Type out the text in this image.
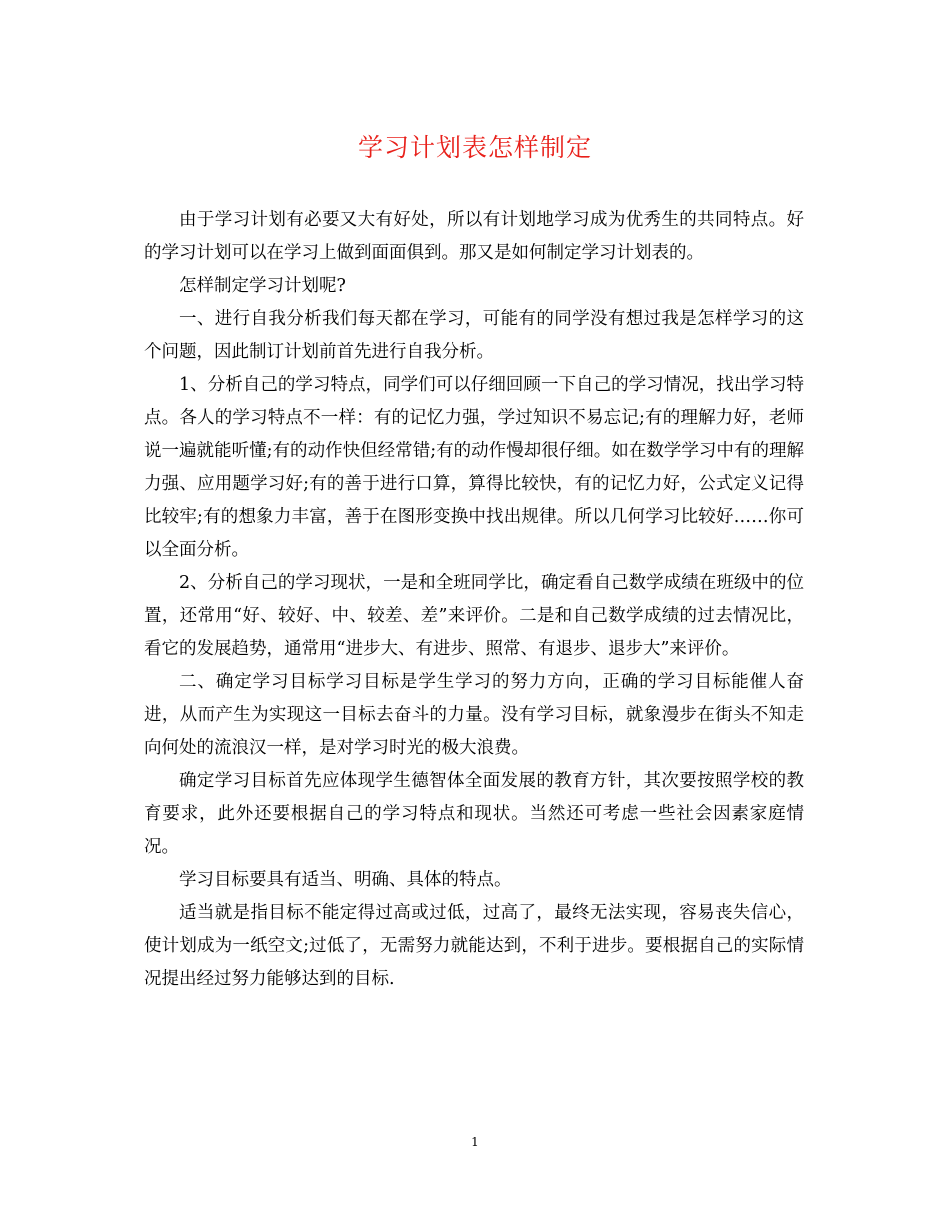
学习计划表怎样制定

由于学习计划有必要又大有好处，所以有计划地学习成为优秀生的共同特点。好的学习计划可以在学习上做到面面俱到。那又是如何制定学习计划表的。

怎样制定学习计划呢?

一、进行自我分析我们每天都在学习，可能有的同学没有想过我是怎样学习的这个问题，因此制订计划前首先进行自我分析。

1、分析自己的学习特点，同学们可以仔细回顾一下自己的学习情况，找出学习特点。各人的学习特点不一样：有的记忆力强，学过知识不易忘记;有的理解力好，老师说一遍就能听懂;有的动作快但经常错;有的动作慢却很仔细。如在数学学习中有的理解力强、应用题学习好;有的善于进行口算，算得比较快，有的记忆力好，公式定义记得比较牢;有的想象力丰富，善于在图形变换中找出规律。所以几何学习比较好……你可以全面分析。

2、分析自己的学习现状，一是和全班同学比，确定看自己数学成绩在班级中的位置，还常用“好、较好、中、较差、差”来评价。二是和自己数学成绩的过去情况比，看它的发展趋势，通常用“进步大、有进步、照常、有退步、退步大”来评价。

二、确定学习目标学习目标是学生学习的努力方向，正确的学习目标能催人奋进，从而产生为实现这一目标去奋斗的力量。没有学习目标，就象漫步在街头不知走向何处的流浪汉一样，是对学习时光的极大浪费。

确定学习目标首先应体现学生德智体全面发展的教育方针，其次要按照学校的教育要求，此外还要根据自己的学习特点和现状。当然还可考虑一些社会因素家庭情况。

学习目标要具有适当、明确、具体的特点。

适当就是指目标不能定得过高或过低，过高了，最终无法实现，容易丧失信心，使计划成为一纸空文;过低了，无需努力就能达到，不利于进步。要根据自己的实际情况提出经过努力能够达到的目标.

1
